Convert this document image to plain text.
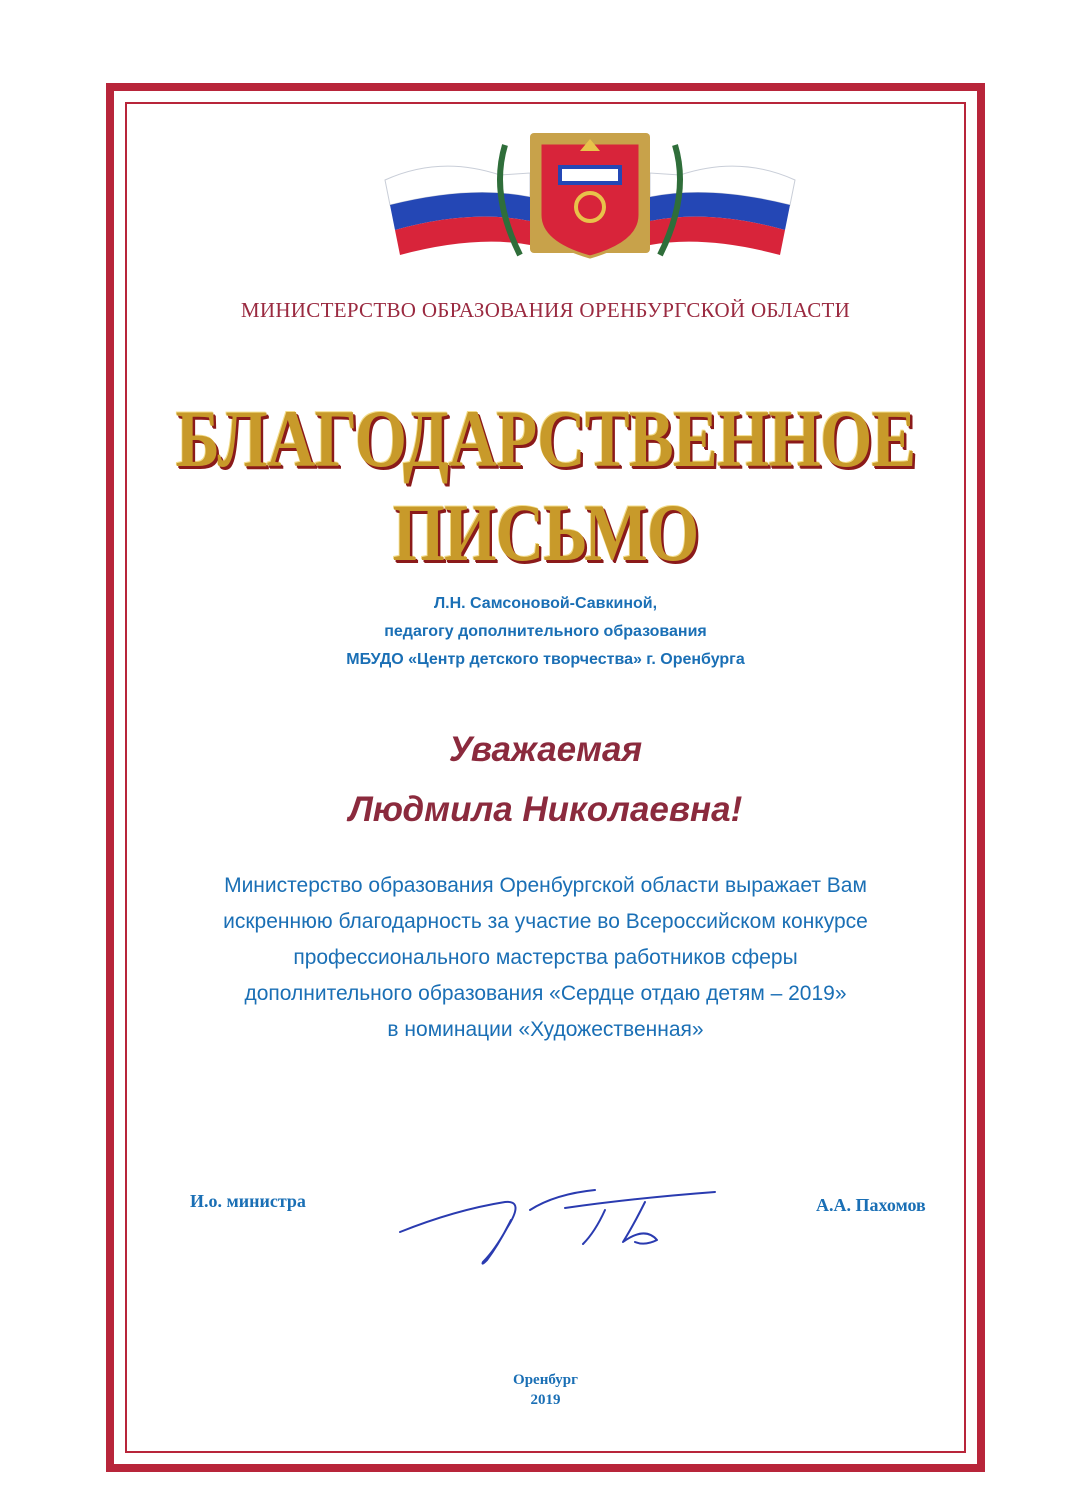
МИНИСТЕРСТВО ОБРАЗОВАНИЯ ОРЕНБУРГСКОЙ ОБЛАСТИ
БЛАГОДАРСТВЕННОЕ
ПИСЬМО
Л.Н. Самсоновой-Савкиной,
педагогу дополнительного образования
МБУДО «Центр детского творчества» г. Оренбурга
Уважаемая
Людмила Николаевна!
Министерство образования Оренбургской области выражает Вам
искреннюю благодарность за участие во Всероссийском конкурсе
профессионального мастерства работников сферы
дополнительного образования «Сердце отдаю детям – 2019»
в номинации «Художественная»
И.о. министра	А.А. Пахомов
Оренбург
2019
